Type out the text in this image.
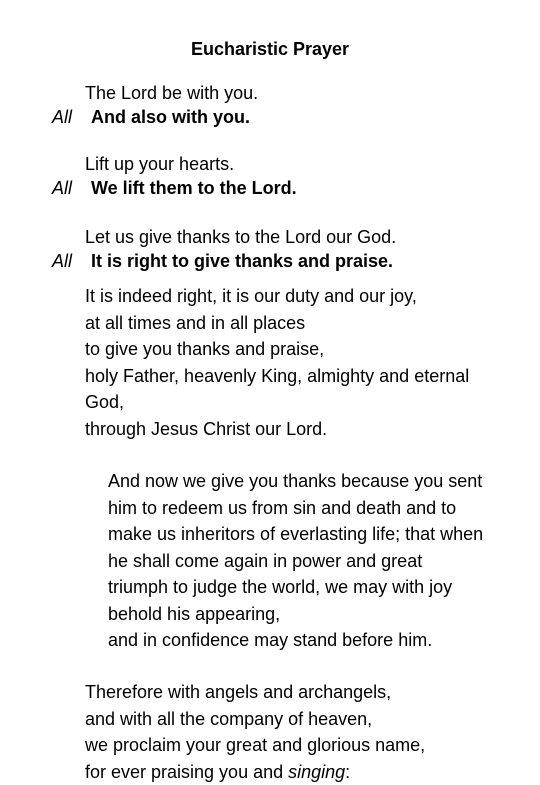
Eucharistic Prayer
The Lord be with you.
All And also with you.
Lift up your hearts.
All We lift them to the Lord.
Let us give thanks to the Lord our God.
All It is right to give thanks and praise.

It is indeed right, it is our duty and our joy,
at all times and in all places
to give you thanks and praise,
holy Father, heavenly King, almighty and eternal
God,
through Jesus Christ our Lord.

And now we give you thanks because you sent
him to redeem us from sin and death and to
make us inheritors of everlasting life; that when
he shall come again in power and great
triumph to judge the world, we may with joy
behold his appearing,
and in confidence may stand before him.

Therefore with angels and archangels,
and with all the company of heaven,
we proclaim your great and glorious name,
for ever praising you and singing:
